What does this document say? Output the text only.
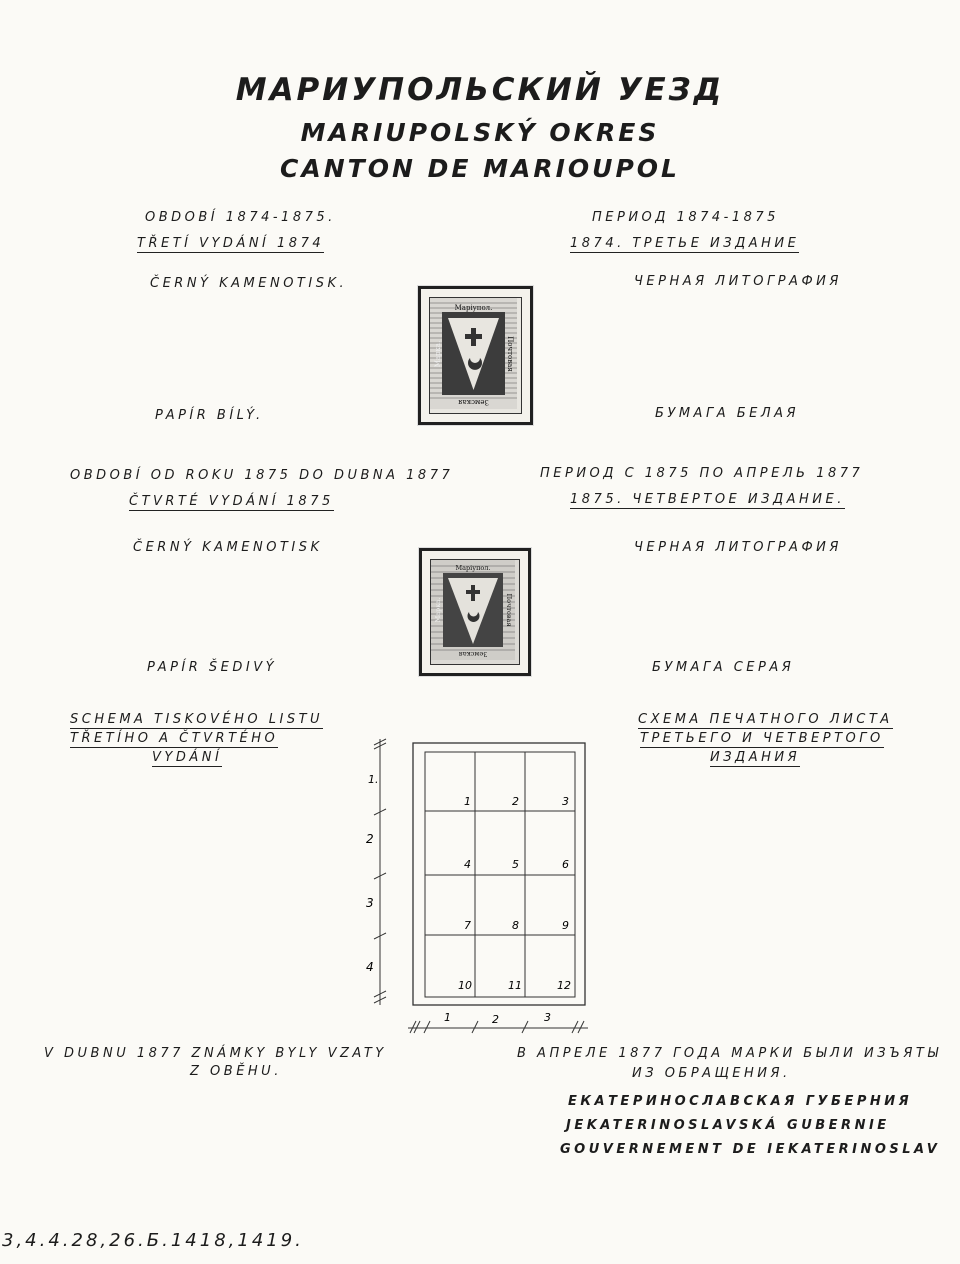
МАРИУПОЛЬСКИЙ УЕЗД
MARIUPOLSKÝ OKRES
CANTON DE MARIOUPOL
OBDOBÍ 1874-1875.
TŘETÍ VYDÁNÍ 1874
ČERNÝ KAMENOTISK.
PAPÍR BÍLÝ.
ПЕРИОД 1874-1875
1874. ТРЕТЬЕ ИЗДАНИЕ
ЧЕРНАЯ ЛИТОГРАФИЯ
БУМАГА БЕЛАЯ
Маріупол.
Земская
Марка.	Почтовая
OBDOBÍ OD ROKU 1875 DO DUBNA 1877
ČTVRTÉ VYDÁNÍ 1875
ČERNÝ KAMENOTISK
PAPÍR ŠEDIVÝ
ПЕРИОД С 1875 ПО АПРЕЛЬ 1877
1875. ЧЕТВЕРТОЕ ИЗДАНИЕ.
ЧЕРНАЯ ЛИТОГРАФИЯ
БУМАГА СЕРАЯ
Маріупол.
Земская
Марка.	Почтовая
SCHEMA TISKOVÉHO LISTU
TŘETÍHO A ČTVRTÉHO
VYDÁNÍ
СХЕМА ПЕЧАТНОГО ЛИСТА
ТРЕТЬЕГО И ЧЕТВЕРТОГО
ИЗДАНИЯ
1.
2
3
4
1	2	3
1	2	3
4	5	6
7	8	9
10	11	12
V DUBNU 1877 ZNÁMKY BYLY VZATY
Z OBĚHU.
В АПРЕЛЕ 1877 ГОДА МАРКИ БЫЛИ ИЗЪЯТЫ
ИЗ ОБРАЩЕНИЯ.
ЕКАТЕРИНОСЛАВСКАЯ ГУБЕРНИЯ
JEKATERINOSLAVSKÁ GUBERNIE
GOUVERNEMENT DE IEKATERINOSLAV
3,4.4.28,26.Б.1418,1419.
